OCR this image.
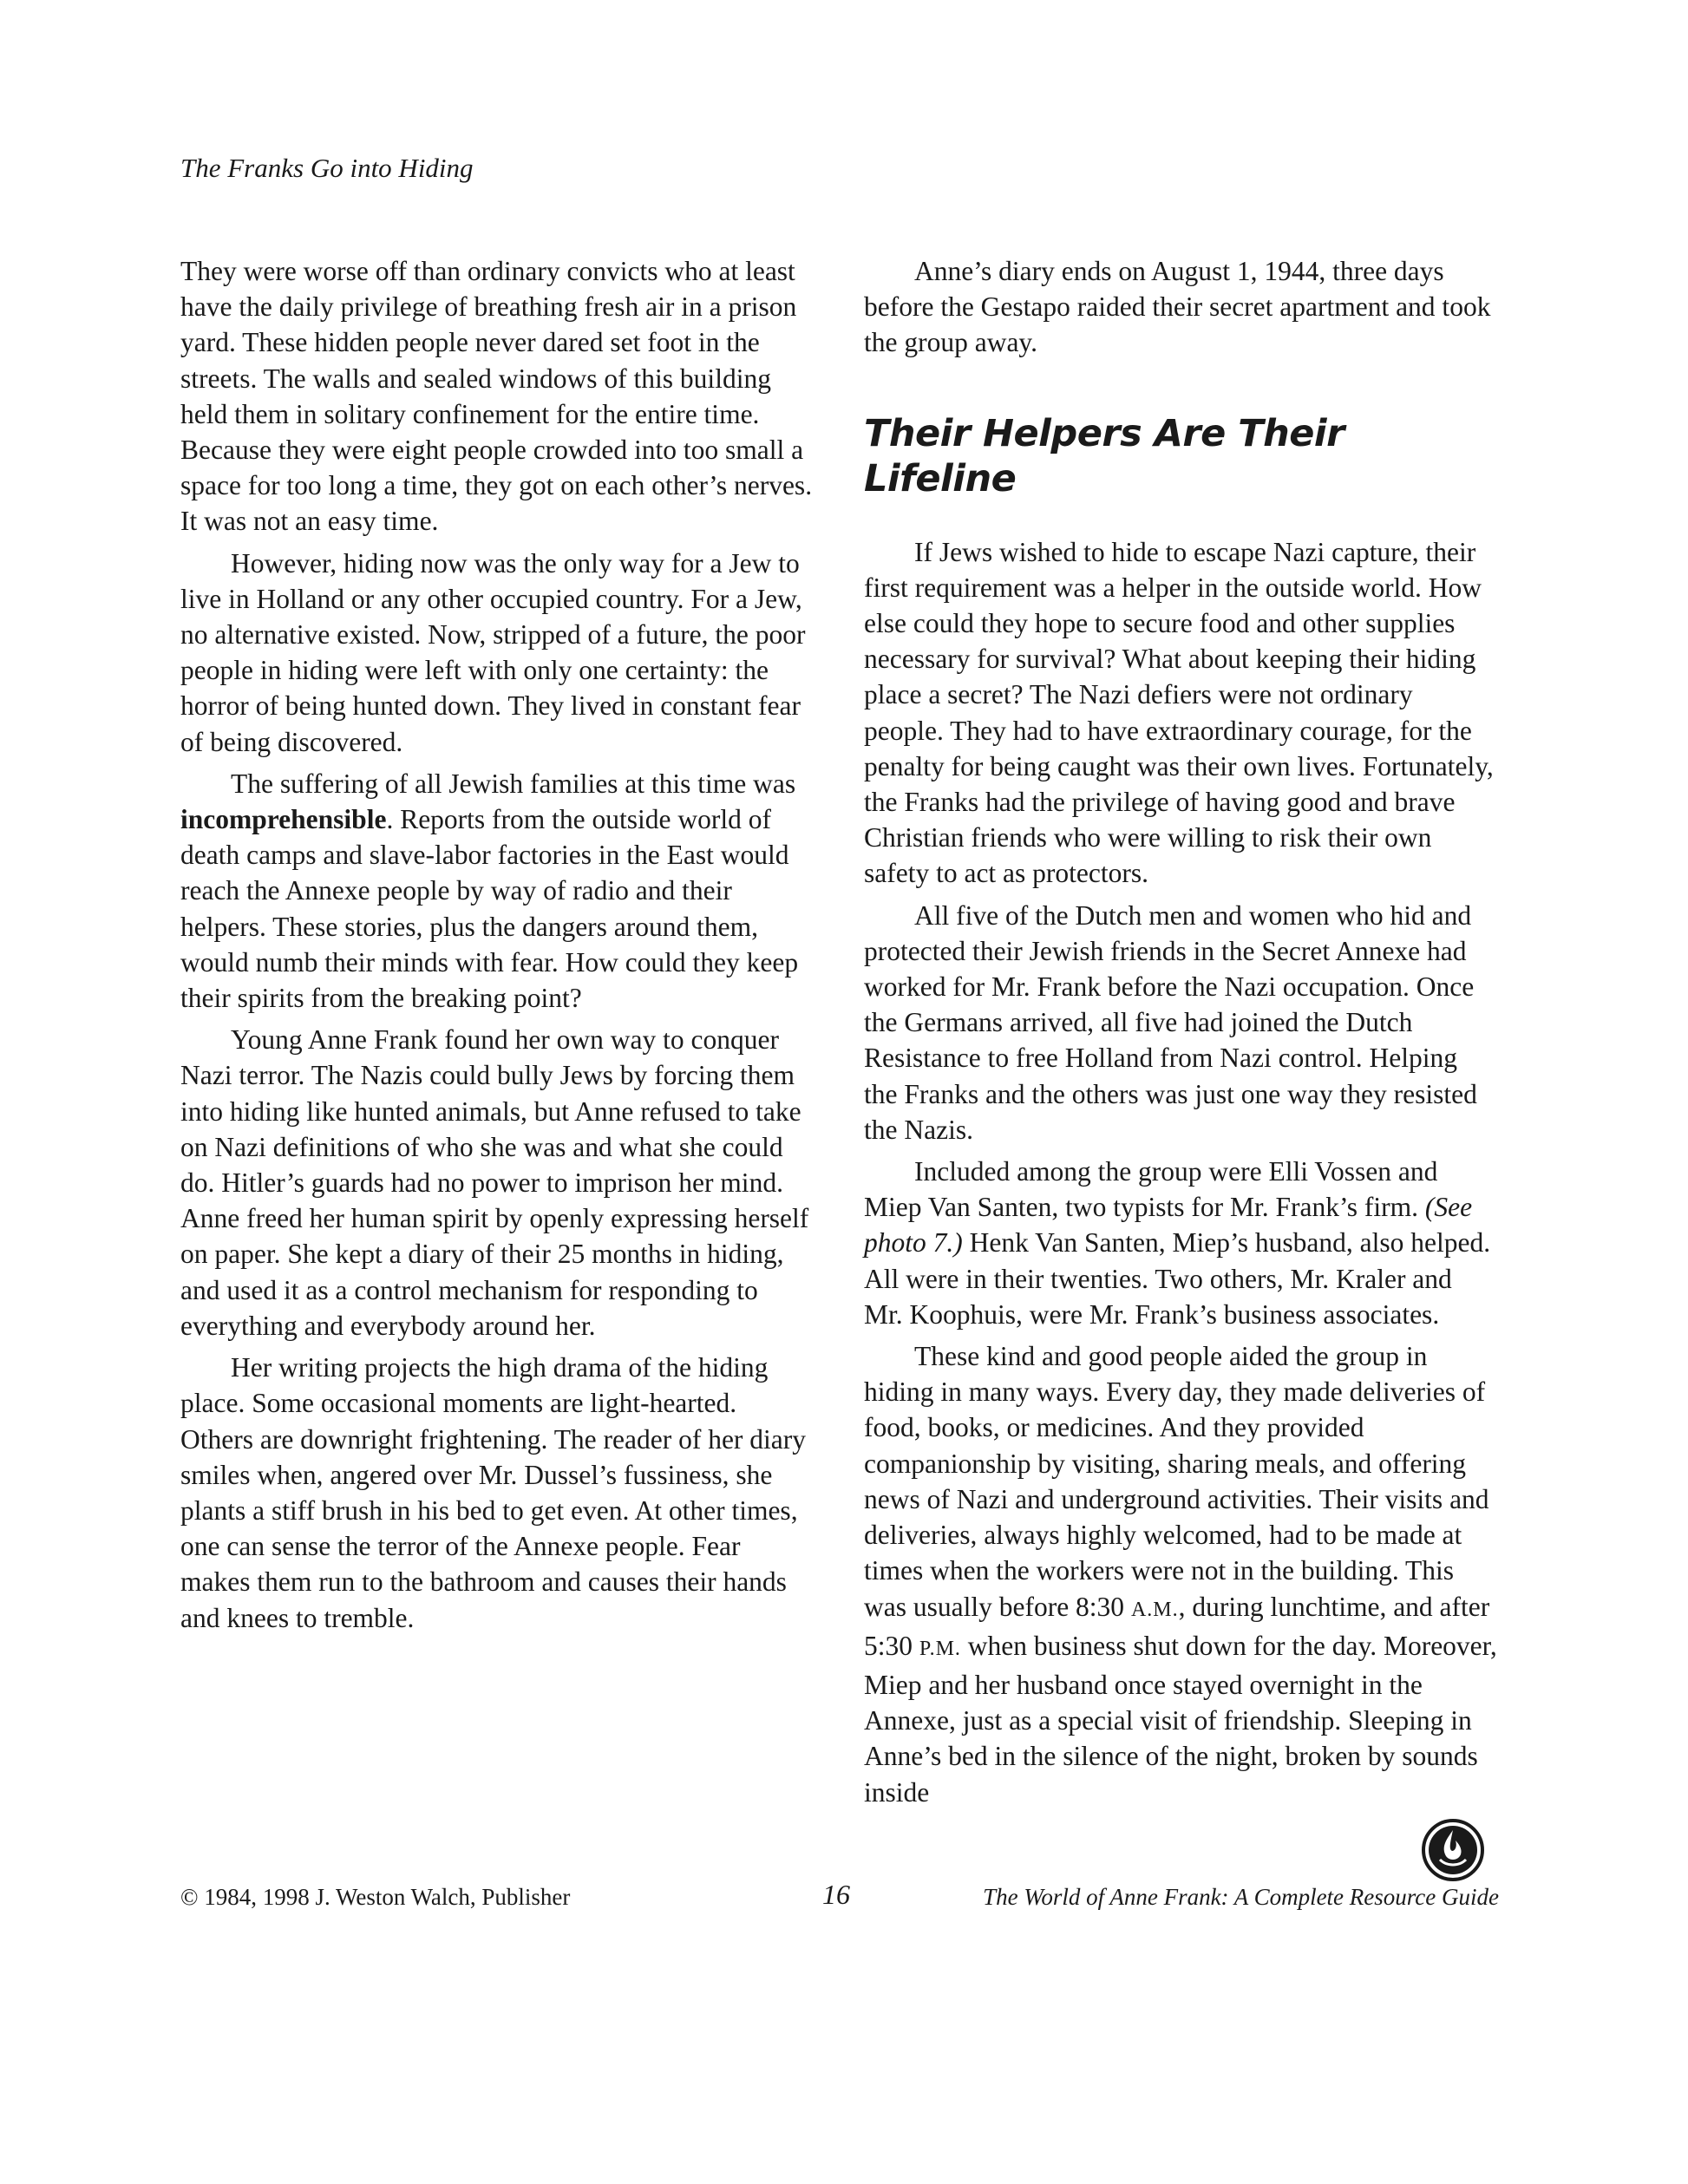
The Franks Go into Hiding

They were worse off than ordinary convicts who at least have the daily privilege of breathing fresh air in a prison yard. These hidden people never dared set foot in the streets. The walls and sealed windows of this building held them in solitary confinement for the entire time. Because they were eight people crowded into too small a space for too long a time, they got on each other’s nerves. It was not an easy time.

However, hiding now was the only way for a Jew to live in Holland or any other occupied country. For a Jew, no alternative existed. Now, stripped of a future, the poor people in hiding were left with only one certainty: the horror of being hunted down. They lived in constant fear of being discovered.

The suffering of all Jewish families at this time was incomprehensible. Reports from the outside world of death camps and slave-labor factories in the East would reach the Annexe people by way of radio and their helpers. These stories, plus the dangers around them, would numb their minds with fear. How could they keep their spirits from the breaking point?

Young Anne Frank found her own way to conquer Nazi terror. The Nazis could bully Jews by forcing them into hiding like hunted animals, but Anne refused to take on Nazi definitions of who she was and what she could do. Hitler’s guards had no power to imprison her mind. Anne freed her human spirit by openly expressing herself on paper. She kept a diary of their 25 months in hiding, and used it as a control mechanism for responding to everything and everybody around her.

Her writing projects the high drama of the hiding place. Some occasional moments are light-hearted. Others are downright frightening. The reader of her diary smiles when, angered over Mr. Dussel’s fussiness, she plants a stiff brush in his bed to get even. At other times, one can sense the terror of the Annexe people. Fear makes them run to the bathroom and causes their hands and knees to tremble.

Anne’s diary ends on August 1, 1944, three days before the Gestapo raided their secret apartment and took the group away.

Their Helpers Are Their Lifeline

If Jews wished to hide to escape Nazi capture, their first requirement was a helper in the outside world. How else could they hope to secure food and other supplies necessary for survival? What about keeping their hiding place a secret? The Nazi defiers were not ordinary people. They had to have extraordinary courage, for the penalty for being caught was their own lives. Fortunately, the Franks had the privilege of having good and brave Christian friends who were willing to risk their own safety to act as protectors.

All five of the Dutch men and women who hid and protected their Jewish friends in the Secret Annexe had worked for Mr. Frank before the Nazi occupation. Once the Germans arrived, all five had joined the Dutch Resistance to free Holland from Nazi control. Helping the Franks and the others was just one way they resisted the Nazis.

Included among the group were Elli Vossen and Miep Van Santen, two typists for Mr. Frank’s firm. (See photo 7.) Henk Van Santen, Miep’s husband, also helped. All were in their twenties. Two others, Mr. Kraler and Mr. Koophuis, were Mr. Frank’s business associates.

These kind and good people aided the group in hiding in many ways. Every day, they made deliveries of food, books, or medicines. And they provided companionship by visiting, sharing meals, and offering news of Nazi and underground activities. Their visits and deliveries, always highly welcomed, had to be made at times when the workers were not in the building. This was usually before 8:30 A.M., during lunchtime, and after 5:30 P.M. when business shut down for the day. Moreover, Miep and her husband once stayed overnight in the Annexe, just as a special visit of friendship. Sleeping in Anne’s bed in the silence of the night, broken by sounds inside

© 1984, 1998 J. Weston Walch, Publisher	16	The World of Anne Frank: A Complete Resource Guide
